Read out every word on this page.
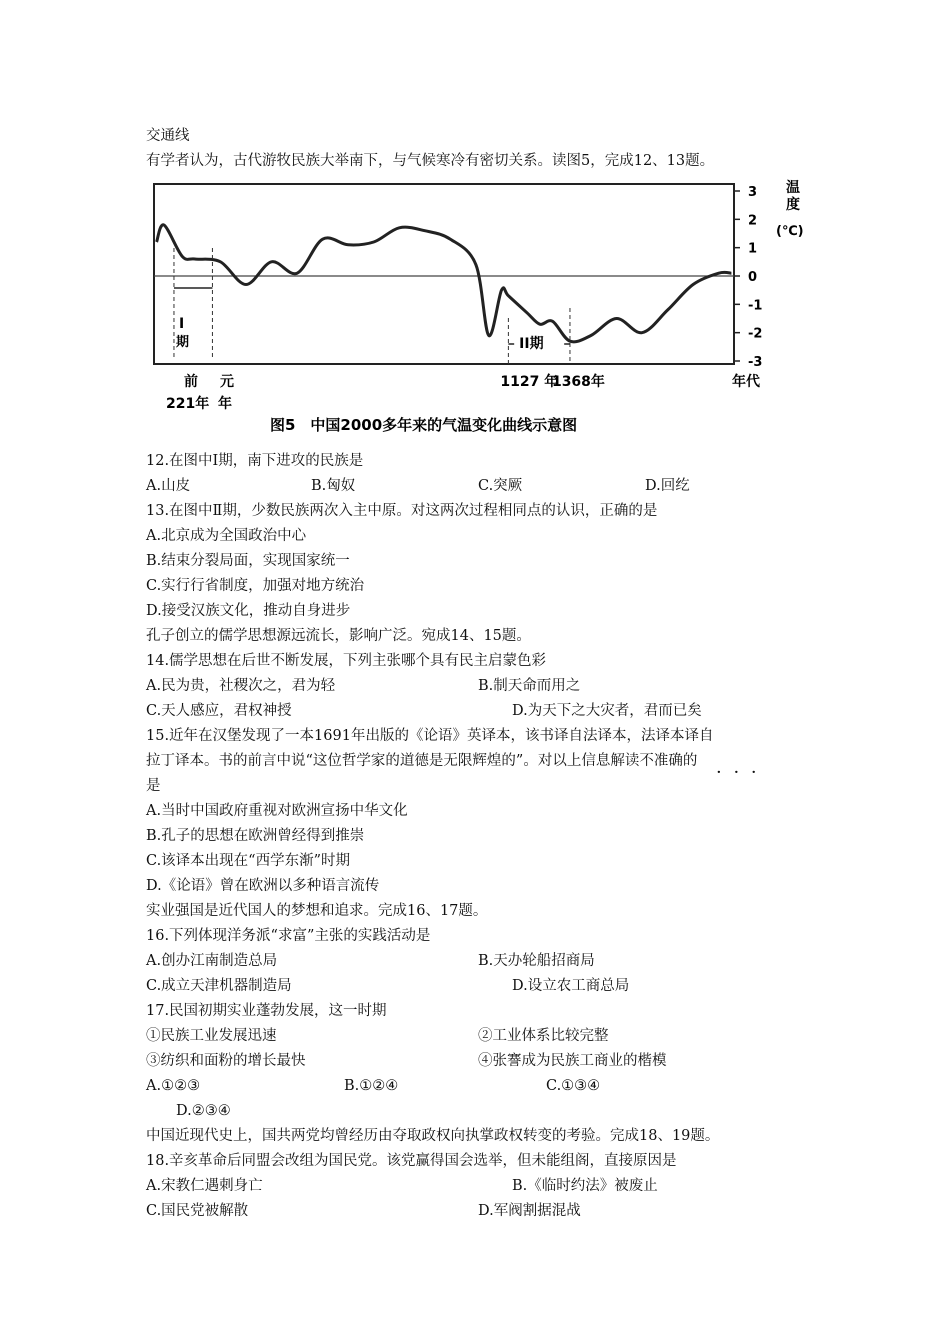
交通线
有学者认为，古代游牧民族大举南下，与气候寒冷有密切关系。读图5，完成12、13题。
3
2
1
0
-1
-2
-3
温
度
(℃)
I
期	II期
前
221年
元
年
1127 年
1368年	年代
图5　中国2000多年来的气温变化曲线示意图
12.在图中Ⅰ期，南下进攻的民族是
A.山皮	B.匈奴	C.突厥	D.回纥
13.在图中Ⅱ期，少数民族两次入主中原。对这两次过程相同点的认识，正确的是
A.北京成为全国政治中心
B.结束分裂局面，实现国家统一
C.实行行省制度，加强对地方统治
D.接受汉族文化，推动自身进步
孔子创立的儒学思想源远流长，影响广泛。宛成14、15题。
14.儒学思想在后世不断发展，下列主张哪个具有民主启蒙色彩
A.民为贵，社稷次之，君为轻	B.制天命而用之
C.天人感应，君权神授	D.为天下之大灾者，君而已矣
15.近年在汉堡发现了一本1691年出版的《论语》英译本，该书译自法译本，法译本译自
拉丁译本。书的前言中说“这位哲学家的道德是无限辉煌的”。对以上信息解读不准确的
· · ·
是
A.当时中国政府重视对欧洲宣扬中华文化
B.孔子的思想在欧洲曾经得到推崇
C.该译本出现在“西学东渐”时期
D.《论语》曾在欧洲以多种语言流传
实业强国是近代国人的梦想和追求。完成16、17题。
16.下列体现洋务派“求富”主张的实践活动是
A.创办江南制造总局	B.天办轮船招商局
C.成立天津机器制造局	D.设立农工商总局
17.民国初期实业蓬勃发展，这一时期
①民族工业发展迅速	②工业体系比较完整
③纺织和面粉的增长最快	④张謇成为民族工商业的楷模
A.①②③	B.①②④	C.①③④
D.②③④
中国近现代史上，国共两党均曾经历由夺取政权向执掌政权转变的考验。完成18、19题。
18.辛亥革命后同盟会改组为国民党。该党赢得国会选举，但未能组阁，直接原因是
A.宋教仁遇刺身亡	B.《临时约法》被废止
C.国民党被解散	D.军阀割据混战
